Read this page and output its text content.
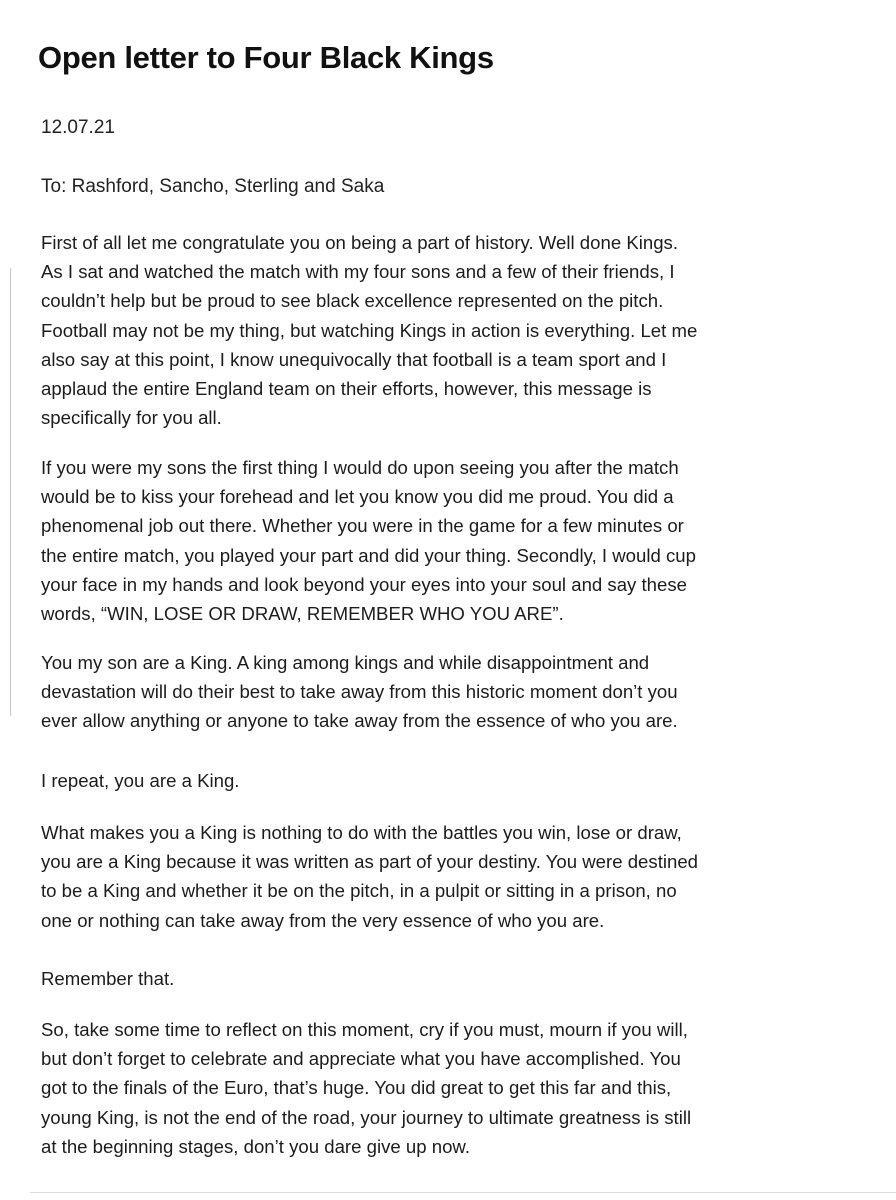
Open letter to Four Black Kings
12.07.21
To: Rashford, Sancho, Sterling and Saka

First of all let me congratulate you on being a part of history. Well done Kings.
As I sat and watched the match with my four sons and a few of their friends, I
couldn’t help but be proud to see black excellence represented on the pitch.
Football may not be my thing, but watching Kings in action is everything. Let me
also say at this point, I know unequivocally that football is a team sport and I
applaud the entire England team on their efforts, however, this message is
specifically for you all.

If you were my sons the first thing I would do upon seeing you after the match
would be to kiss your forehead and let you know you did me proud. You did a
phenomenal job out there. Whether you were in the game for a few minutes or
the entire match, you played your part and did your thing. Secondly, I would cup
your face in my hands and look beyond your eyes into your soul and say these
words, “WIN, LOSE OR DRAW, REMEMBER WHO YOU ARE”.

You my son are a King. A king among kings and while disappointment and
devastation will do their best to take away from this historic moment don’t you
ever allow anything or anyone to take away from the essence of who you are.

I repeat, you are a King.

What makes you a King is nothing to do with the battles you win, lose or draw,
you are a King because it was written as part of your destiny. You were destined
to be a King and whether it be on the pitch, in a pulpit or sitting in a prison, no
one or nothing can take away from the very essence of who you are.

Remember that.

So, take some time to reflect on this moment, cry if you must, mourn if you will,
but don’t forget to celebrate and appreciate what you have accomplished. You
got to the finals of the Euro, that’s huge. You did great to get this far and this,
young King, is not the end of the road, your journey to ultimate greatness is still
at the beginning stages, don’t you dare give up now.
